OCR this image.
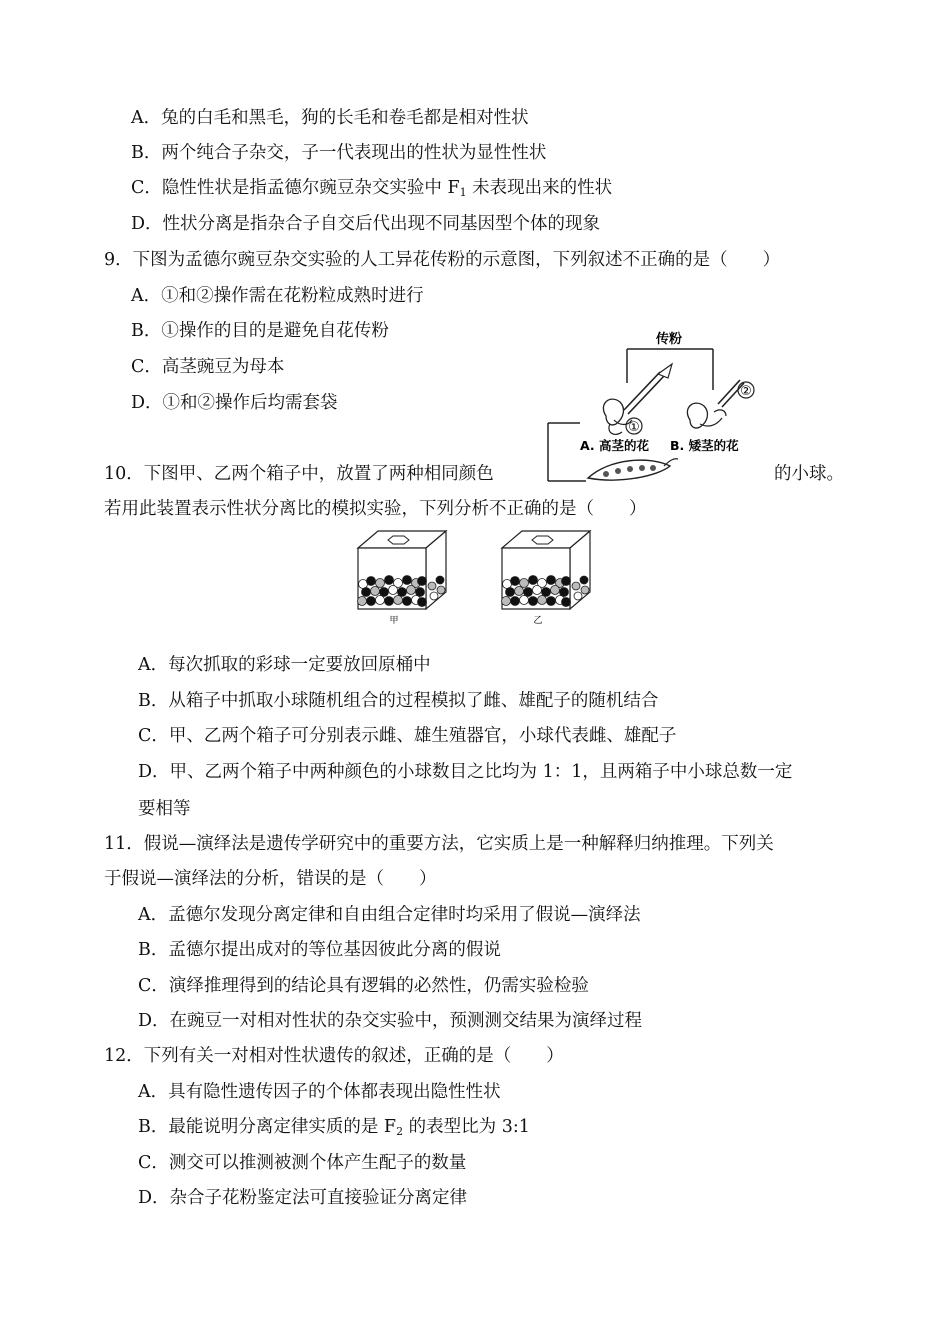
A．兔的白毛和黑毛，狗的长毛和卷毛都是相对性状
B．两个纯合子杂交，子一代表现出的性状为显性性状
C．隐性性状是指孟德尔豌豆杂交实验中 $F_1$ 未表现出来的性状
D．性状分离是指杂合子自交后代出现不同基因型个体的现象
9．下图为孟德尔豌豆杂交实验的人工异花传粉的示意图，下列叙述不正确的是（　　）
A．①和②操作需在花粉粒成熟时进行
B．①操作的目的是避免自花传粉
C．高茎豌豆为母本
D．①和②操作后均需套袋
传粉
①
②
A. 高茎的花 B. 矮茎的花
10．下图甲、乙两个箱子中，放置了两种相同颜色	的小球。
若用此装置表示性状分离比的模拟实验，下列分析不正确的是（　　）
甲	乙
A．每次抓取的彩球一定要放回原桶中
B．从箱子中抓取小球随机组合的过程模拟了雌、雄配子的随机结合
C．甲、乙两个箱子可分别表示雌、雄生殖器官，小球代表雌、雄配子
D．甲、乙两个箱子中两种颜色的小球数目之比均为 1：1，且两箱子中小球总数一定
要相等
11．假说—演绎法是遗传学研究中的重要方法，它实质上是一种解释归纳推理。下列关
于假说—演绎法的分析，错误的是（　　）
A．孟德尔发现分离定律和自由组合定律时均采用了假说—演绎法
B．孟德尔提出成对的等位基因彼此分离的假说
C．演绎推理得到的结论具有逻辑的必然性，仍需实验检验
D．在豌豆一对相对性状的杂交实验中，预测测交结果为演绎过程
12．下列有关一对相对性状遗传的叙述，正确的是（　　）
A．具有隐性遗传因子的个体都表现出隐性性状
B．最能说明分离定律实质的是 $F_2$ 的表型比为 3:1
C．测交可以推测被测个体产生配子的数量
D．杂合子花粉鉴定法可直接验证分离定律
